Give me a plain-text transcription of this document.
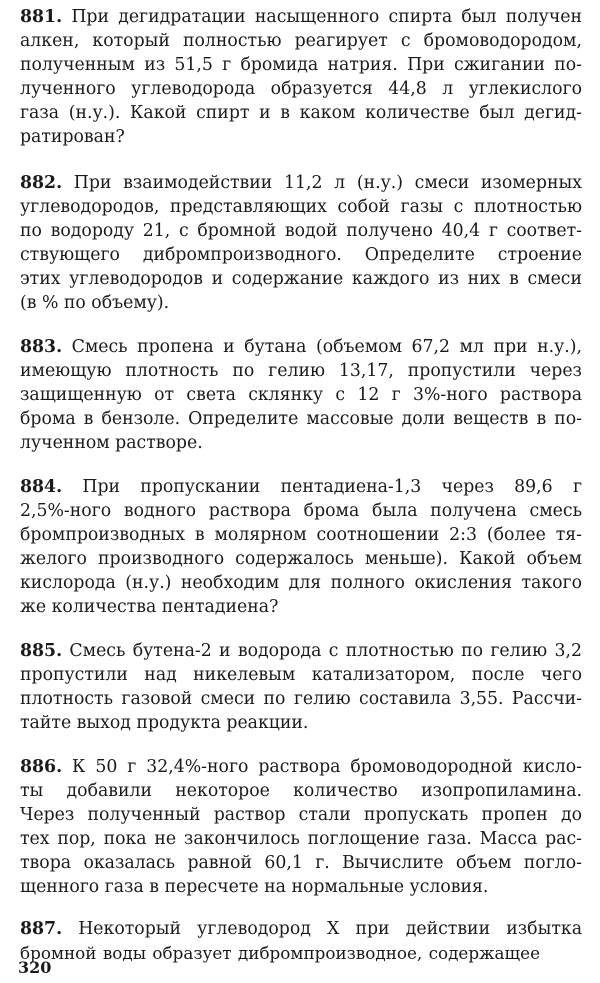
881. При дегидратации насыщенного спирта был получен
алкен, который полностью реагирует с бромоводородом,
полученным из 51,5 г бромида натрия. При сжигании по-
лученного углеводорода образуется 44,8 л углекислого
газа (н.у.). Какой спирт и в каком количестве был дегид-
ратирован?
882. При взаимодействии 11,2 л (н.у.) смеси изомерных
углеводородов, представляющих собой газы с плотностью
по водороду 21, с бромной водой получено 40,4 г соответ-
ствующего дибромпроизводного. Определите строение
этих углеводородов и содержание каждого из них в смеси
(в % по объему).
883. Смесь пропена и бутана (объемом 67,2 мл при н.у.),
имеющую плотность по гелию 13,17, пропустили через
защищенную от света склянку с 12 г 3%-ного раствора
брома в бензоле. Определите массовые доли веществ в по-
лученном растворе.
884. При пропускании пентадиена-1,3 через 89,6 г
2,5%-ного водного раствора брома была получена смесь
бромпроизводных в молярном соотношении 2:3 (более тя-
желого производного содержалось меньше). Какой объем
кислорода (н.у.) необходим для полного окисления такого
же количества пентадиена?
885. Смесь бутена-2 и водорода с плотностью по гелию 3,2
пропустили над никелевым катализатором, после чего
плотность газовой смеси по гелию составила 3,55. Рассчи-
тайте выход продукта реакции.
886. К 50 г 32,4%-ного раствора бромоводородной кисло-
ты добавили некоторое количество изопропиламина.
Через полученный раствор стали пропускать пропен до
тех пор, пока не закончилось поглощение газа. Масса рас-
твора оказалась равной 60,1 г. Вычислите объем погло-
щенного газа в пересчете на нормальные условия.
887. Некоторый углеводород X при действии избытка
бромной воды образует дибромпроизводное, содержащее
320
